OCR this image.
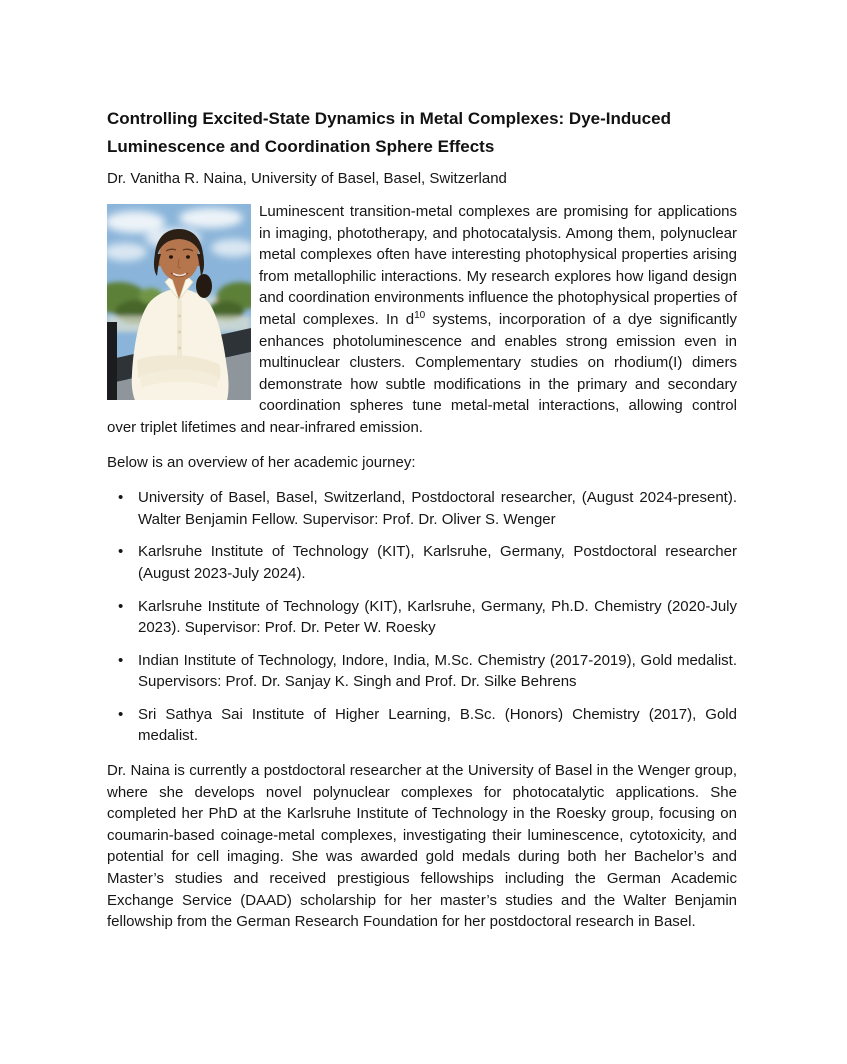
Controlling Excited-State Dynamics in Metal Complexes: Dye-Induced Luminescence and Coordination Sphere Effects

Dr. Vanitha R. Naina, University of Basel, Basel, Switzerland

Luminescent transition-metal complexes are promising for applications in imaging, phototherapy, and photocatalysis. Among them, polynuclear metal complexes often have interesting photophysical properties arising from metallophilic interactions. My research explores how ligand design and coordination environments influence the photophysical properties of metal complexes. In $d^{10}$ systems, incorporation of a dye significantly enhances photoluminescence and enables strong emission even in multinuclear clusters. Complementary studies on rhodium(I) dimers demonstrate how subtle modifications in the primary and secondary coordination spheres tune metal-metal interactions, allowing control over triplet lifetimes and near-infrared emission.

Below is an overview of her academic journey:

• University of Basel, Basel, Switzerland, Postdoctoral researcher, (August 2024-present). Walter Benjamin Fellow. Supervisor: Prof. Dr. Oliver S. Wenger
• Karlsruhe Institute of Technology (KIT), Karlsruhe, Germany, Postdoctoral researcher (August 2023-July 2024).
• Karlsruhe Institute of Technology (KIT), Karlsruhe, Germany, Ph.D. Chemistry (2020-July 2023). Supervisor: Prof. Dr. Peter W. Roesky
• Indian Institute of Technology, Indore, India, M.Sc. Chemistry (2017-2019), Gold medalist. Supervisors: Prof. Dr. Sanjay K. Singh and Prof. Dr. Silke Behrens
• Sri Sathya Sai Institute of Higher Learning, B.Sc. (Honors) Chemistry (2017), Gold medalist.

Dr. Naina is currently a postdoctoral researcher at the University of Basel in the Wenger group, where she develops novel polynuclear complexes for photocatalytic applications. She completed her PhD at the Karlsruhe Institute of Technology in the Roesky group, focusing on coumarin-based coinage-metal complexes, investigating their luminescence, cytotoxicity, and potential for cell imaging. She was awarded gold medals during both her Bachelor’s and Master’s studies and received prestigious fellowships including the German Academic Exchange Service (DAAD) scholarship for her master’s studies and the Walter Benjamin fellowship from the German Research Foundation for her postdoctoral research in Basel.
